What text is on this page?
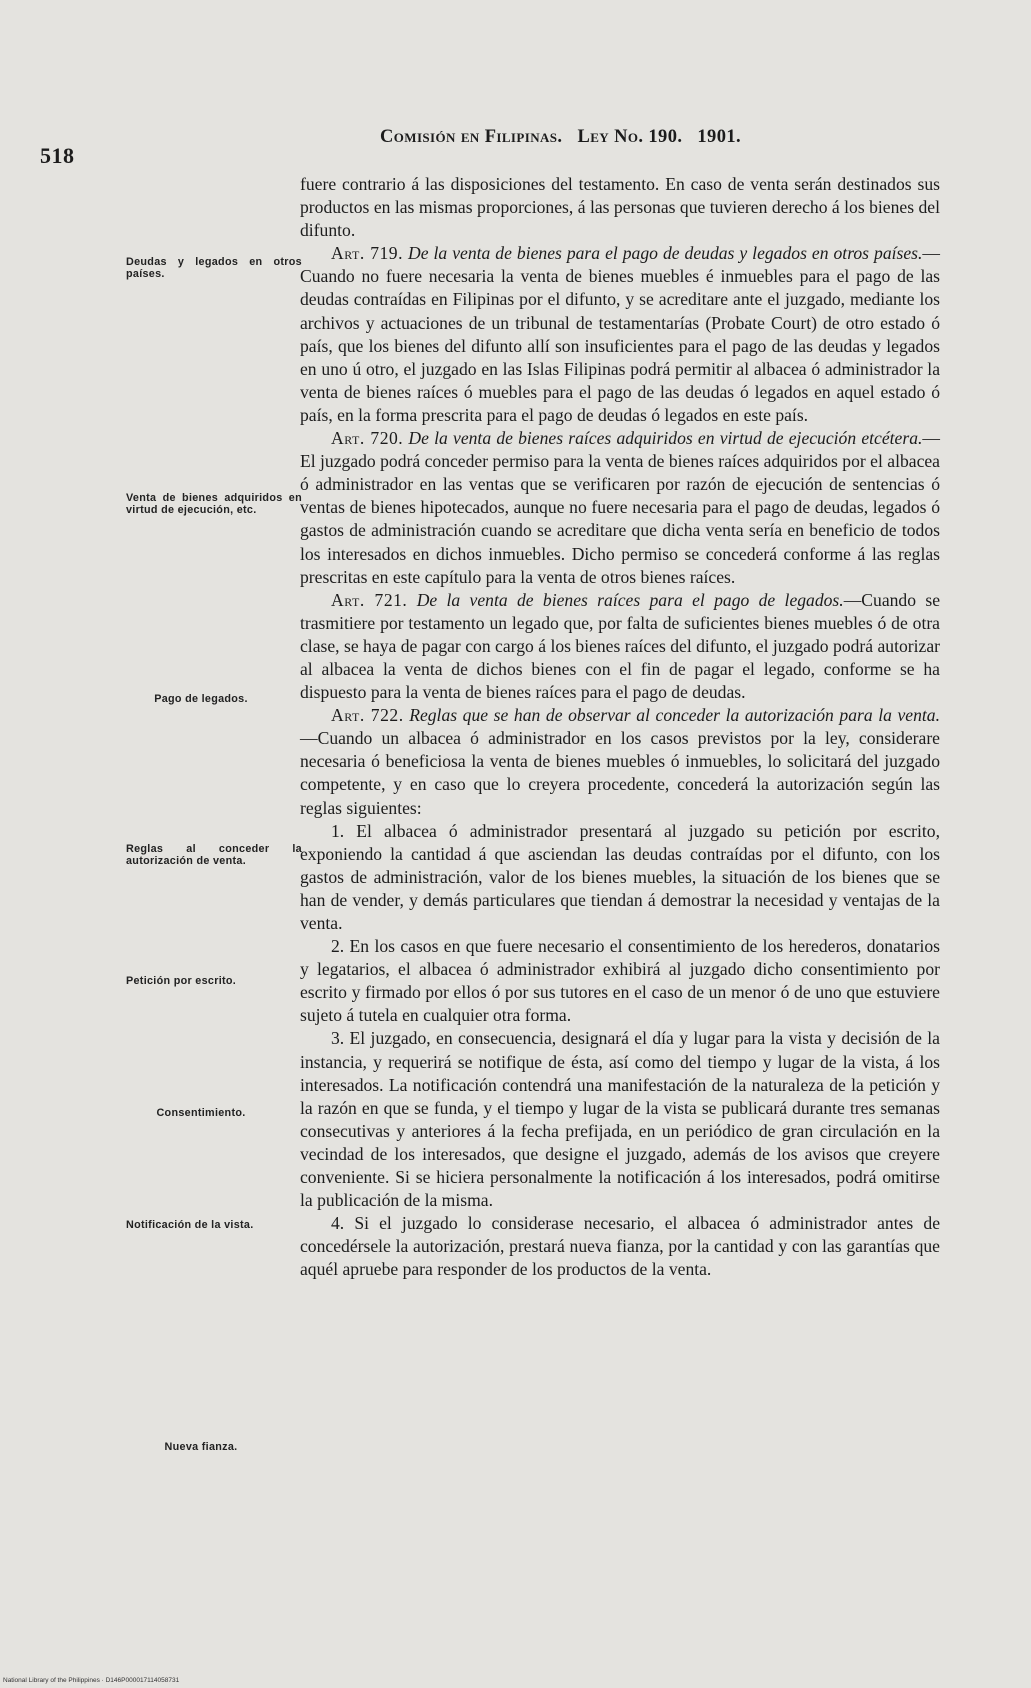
518
Comisión en Filipinas. Ley No. 190. 1901.
Deudas y legados en otros países.
Venta de bienes adquiridos en virtud de ejecución, etc.
Pago de legados.
Reglas al conceder la autorización de venta.
Petición por escrito.
Consentimiento.
Notificación de la vista.
Nueva fianza.

fuere contrario á las disposiciones del testamento. En caso de venta serán destinados sus productos en las mismas proporciones, á las personas que tuvieren derecho á los bienes del difunto.

Art. 719. De la venta de bienes para el pago de deudas y legados en otros países.—Cuando no fuere necesaria la venta de bienes muebles é inmuebles para el pago de las deudas contraídas en Filipinas por el difunto, y se acreditare ante el juzgado, mediante los archivos y actuaciones de un tribunal de testamentarías (Probate Court) de otro estado ó país, que los bienes del difunto allí son insuficientes para el pago de las deudas y legados en uno ú otro, el juzgado en las Islas Filipinas podrá permitir al albacea ó administrador la venta de bienes raíces ó muebles para el pago de las deudas ó legados en aquel estado ó país, en la forma prescrita para el pago de deudas ó legados en este país.

Art. 720. De la venta de bienes raíces adquiridos en virtud de ejecución etcétera.—El juzgado podrá conceder permiso para la venta de bienes raíces adquiridos por el albacea ó administrador en las ventas que se verificaren por razón de ejecución de sentencias ó ventas de bienes hipotecados, aunque no fuere necesaria para el pago de deudas, legados ó gastos de administración cuando se acreditare que dicha venta sería en beneficio de todos los interesados en dichos inmuebles. Dicho permiso se concederá conforme á las reglas prescritas en este capítulo para la venta de otros bienes raíces.

Art. 721. De la venta de bienes raíces para el pago de legados.—Cuando se trasmitiere por testamento un legado que, por falta de suficientes bienes muebles ó de otra clase, se haya de pagar con cargo á los bienes raíces del difunto, el juzgado podrá autorizar al albacea la venta de dichos bienes con el fin de pagar el legado, conforme se ha dispuesto para la venta de bienes raíces para el pago de deudas.

Art. 722. Reglas que se han de observar al conceder la autorización para la venta.—Cuando un albacea ó administrador en los casos previstos por la ley, considerare necesaria ó beneficiosa la venta de bienes muebles ó inmuebles, lo solicitará del juzgado competente, y en caso que lo creyera procedente, concederá la autorización según las reglas siguientes:

1. El albacea ó administrador presentará al juzgado su petición por escrito, exponiendo la cantidad á que asciendan las deudas contraídas por el difunto, con los gastos de administración, valor de los bienes muebles, la situación de los bienes que se han de vender, y demás particulares que tiendan á demostrar la necesidad y ventajas de la venta.

2. En los casos en que fuere necesario el consentimiento de los herederos, donatarios y legatarios, el albacea ó administrador exhibirá al juzgado dicho consentimiento por escrito y firmado por ellos ó por sus tutores en el caso de un menor ó de uno que estuviere sujeto á tutela en cualquier otra forma.

3. El juzgado, en consecuencia, designará el día y lugar para la vista y decisión de la instancia, y requerirá se notifique de ésta, así como del tiempo y lugar de la vista, á los interesados. La notificación contendrá una manifestación de la naturaleza de la petición y la razón en que se funda, y el tiempo y lugar de la vista se publicará durante tres semanas consecutivas y anteriores á la fecha prefijada, en un periódico de gran circulación en la vecindad de los interesados, que designe el juzgado, además de los avisos que creyere conveniente. Si se hiciera personalmente la notificación á los interesados, podrá omitirse la publicación de la misma.

4. Si el juzgado lo considerase necesario, el albacea ó administrador antes de concedérsele la autorización, prestará nueva fianza, por la cantidad y con las garantías que aquél apruebe para responder de los productos de la venta.

National Library of the Philippines · D146P000017114058731
